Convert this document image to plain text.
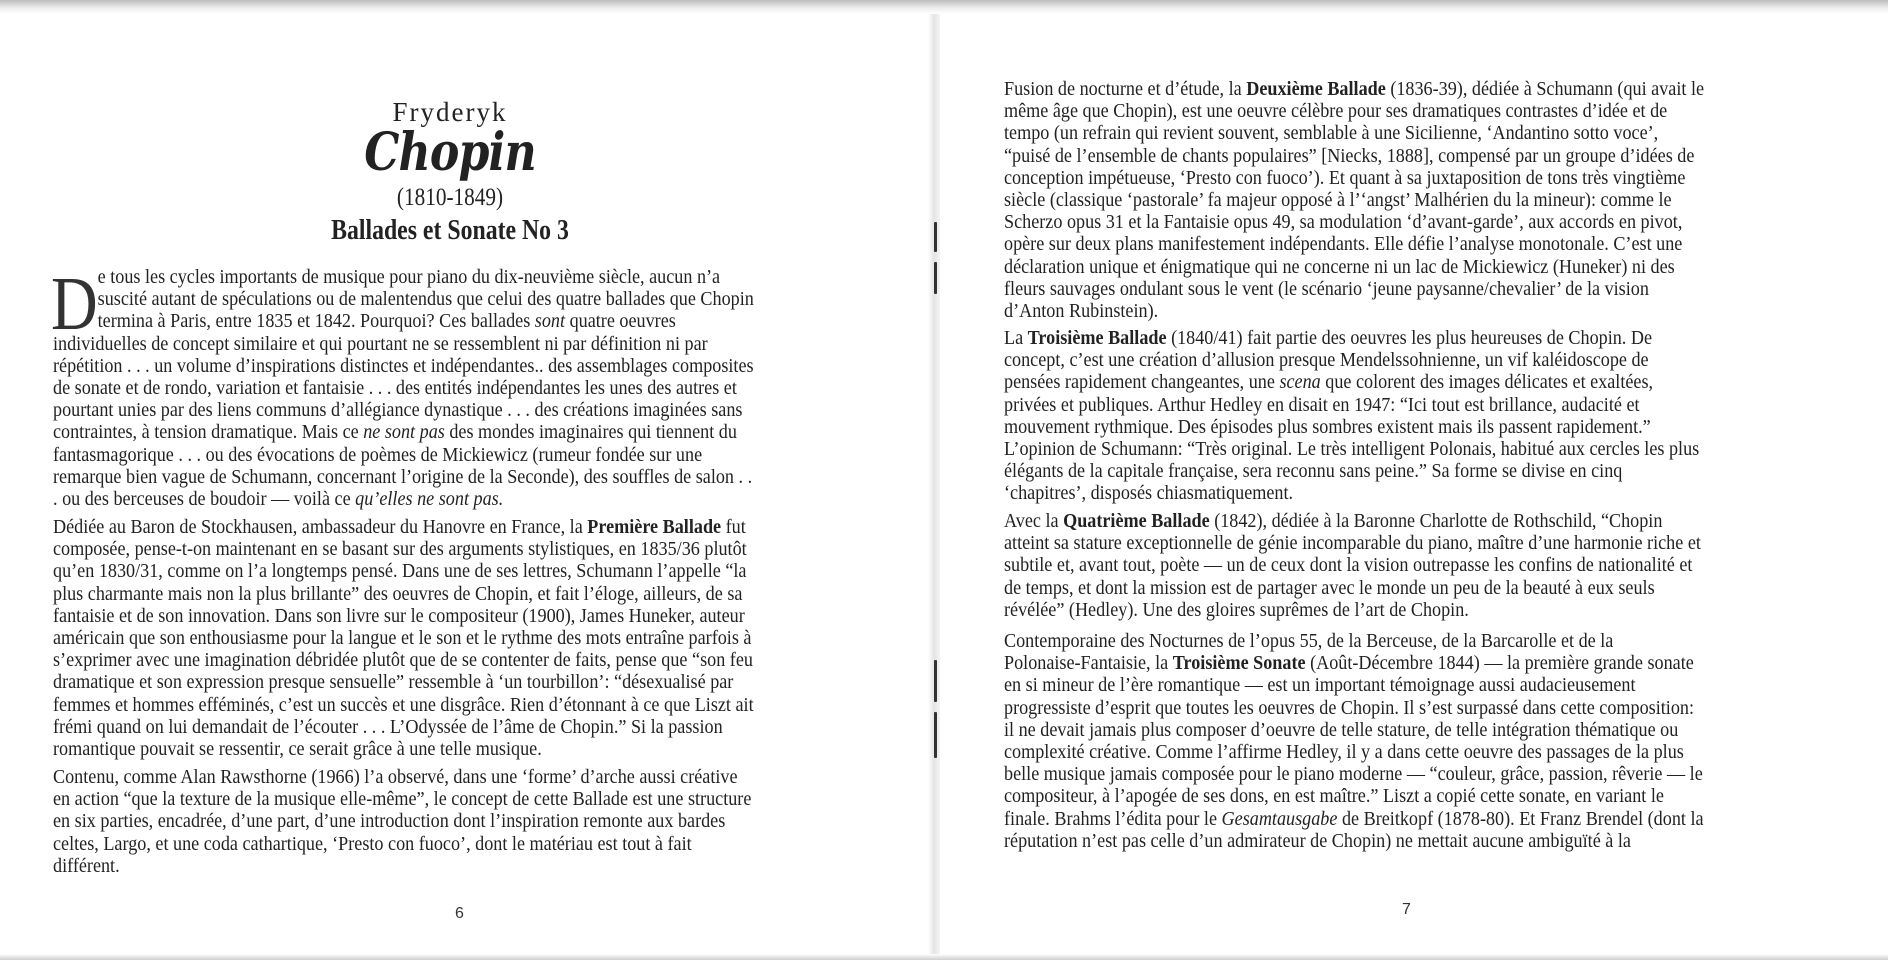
Fryderyk
Chopin
(1810-1849)
Ballades et Sonate No 3
D e tous les cycles importants de musique pour piano du dix-neuvième siècle, aucun n’a
suscité autant de spéculations ou de malentendus que celui des quatre ballades que Chopin
termina à Paris, entre 1835 et 1842. Pourquoi? Ces ballades sont quatre oeuvres
individuelles de concept similaire et qui pourtant ne se ressemblent ni par définition ni par
répétition . . . un volume d’inspirations distinctes et indépendantes.. des assemblages composites
de sonate et de rondo, variation et fantaisie . . . des entités indépendantes les unes des autres et
pourtant unies par des liens communs d’allégiance dynastique . . . des créations imaginées sans
contraintes, à tension dramatique. Mais ce ne sont pas des mondes imaginaires qui tiennent du
fantasmagorique . . . ou des évocations de poèmes de Mickiewicz (rumeur fondée sur une
remarque bien vague de Schumann, concernant l’origine de la Seconde), des souffles de salon . .
. ou des berceuses de boudoir — voilà ce qu’elles ne sont pas.
Dédiée au Baron de Stockhausen, ambassadeur du Hanovre en France, la Première Ballade fut
composée, pense-t-on maintenant en se basant sur des arguments stylistiques, en 1835/36 plutôt
qu’en 1830/31, comme on l’a longtemps pensé. Dans une de ses lettres, Schumann l’appelle “la
plus charmante mais non la plus brillante” des oeuvres de Chopin, et fait l’éloge, ailleurs, de sa
fantaisie et de son innovation. Dans son livre sur le compositeur (1900), James Huneker, auteur
américain que son enthousiasme pour la langue et le son et le rythme des mots entraîne parfois à
s’exprimer avec une imagination débridée plutôt que de se contenter de faits, pense que “son feu
dramatique et son expression presque sensuelle” ressemble à ‘un tourbillon’: “désexualisé par
femmes et hommes efféminés, c’est un succès et une disgrâce. Rien d’étonnant à ce que Liszt ait
frémi quand on lui demandait de l’écouter . . . L’Odyssée de l’âme de Chopin.” Si la passion
romantique pouvait se ressentir, ce serait grâce à une telle musique.
Contenu, comme Alan Rawsthorne (1966) l’a observé, dans une ‘forme’ d’arche aussi créative
en action “que la texture de la musique elle-même”, le concept de cette Ballade est une structure
en six parties, encadrée, d’une part, d’une introduction dont l’inspiration remonte aux bardes
celtes, Largo, et une coda cathartique, ‘Presto con fuoco’, dont le matériau est tout à fait
différent.
6
Fusion de nocturne et d’étude, la Deuxième Ballade (1836-39), dédiée à Schumann (qui avait le
même âge que Chopin), est une oeuvre célèbre pour ses dramatiques contrastes d’idée et de
tempo (un refrain qui revient souvent, semblable à une Sicilienne, ‘Andantino sotto voce’,
“puisé de l’ensemble de chants populaires” [Niecks, 1888], compensé par un groupe d’idées de
conception impétueuse, ‘Presto con fuoco’). Et quant à sa juxtaposition de tons très vingtième
siècle (classique ‘pastorale’ fa majeur opposé à l’‘angst’ Malhérien du la mineur): comme le
Scherzo opus 31 et la Fantaisie opus 49, sa modulation ‘d’avant-garde’, aux accords en pivot,
opère sur deux plans manifestement indépendants. Elle défie l’analyse monotonale. C’est une
déclaration unique et énigmatique qui ne concerne ni un lac de Mickiewicz (Huneker) ni des
fleurs sauvages ondulant sous le vent (le scénario ‘jeune paysanne/chevalier’ de la vision
d’Anton Rubinstein).
La Troisième Ballade (1840/41) fait partie des oeuvres les plus heureuses de Chopin. De
concept, c’est une création d’allusion presque Mendelssohnienne, un vif kaléidoscope de
pensées rapidement changeantes, une scena que colorent des images délicates et exaltées,
privées et publiques. Arthur Hedley en disait en 1947: “Ici tout est brillance, audacité et
mouvement rythmique. Des épisodes plus sombres existent mais ils passent rapidement.”
L’opinion de Schumann: “Très original. Le très intelligent Polonais, habitué aux cercles les plus
élégants de la capitale française, sera reconnu sans peine.” Sa forme se divise en cinq
‘chapitres’, disposés chiasmatiquement.
Avec la Quatrième Ballade (1842), dédiée à la Baronne Charlotte de Rothschild, “Chopin
atteint sa stature exceptionnelle de génie incomparable du piano, maître d’une harmonie riche et
subtile et, avant tout, poète — un de ceux dont la vision outrepasse les confins de nationalité et
de temps, et dont la mission est de partager avec le monde un peu de la beauté à eux seuls
révélée” (Hedley). Une des gloires suprêmes de l’art de Chopin.
Contemporaine des Nocturnes de l’opus 55, de la Berceuse, de la Barcarolle et de la
Polonaise-Fantaisie, la Troisième Sonate (Août-Décembre 1844) — la première grande sonate
en si mineur de l’ère romantique — est un important témoignage aussi audacieusement
progressiste d’esprit que toutes les oeuvres de Chopin. Il s’est surpassé dans cette composition:
il ne devait jamais plus composer d’oeuvre de telle stature, de telle intégration thématique ou
complexité créative. Comme l’affirme Hedley, il y a dans cette oeuvre des passages de la plus
belle musique jamais composée pour le piano moderne — “couleur, grâce, passion, rêverie — le
compositeur, à l’apogée de ses dons, en est maître.” Liszt a copié cette sonate, en variant le
finale. Brahms l’édita pour le Gesamtausgabe de Breitkopf (1878-80). Et Franz Brendel (dont la
réputation n’est pas celle d’un admirateur de Chopin) ne mettait aucune ambiguïté à la
7
